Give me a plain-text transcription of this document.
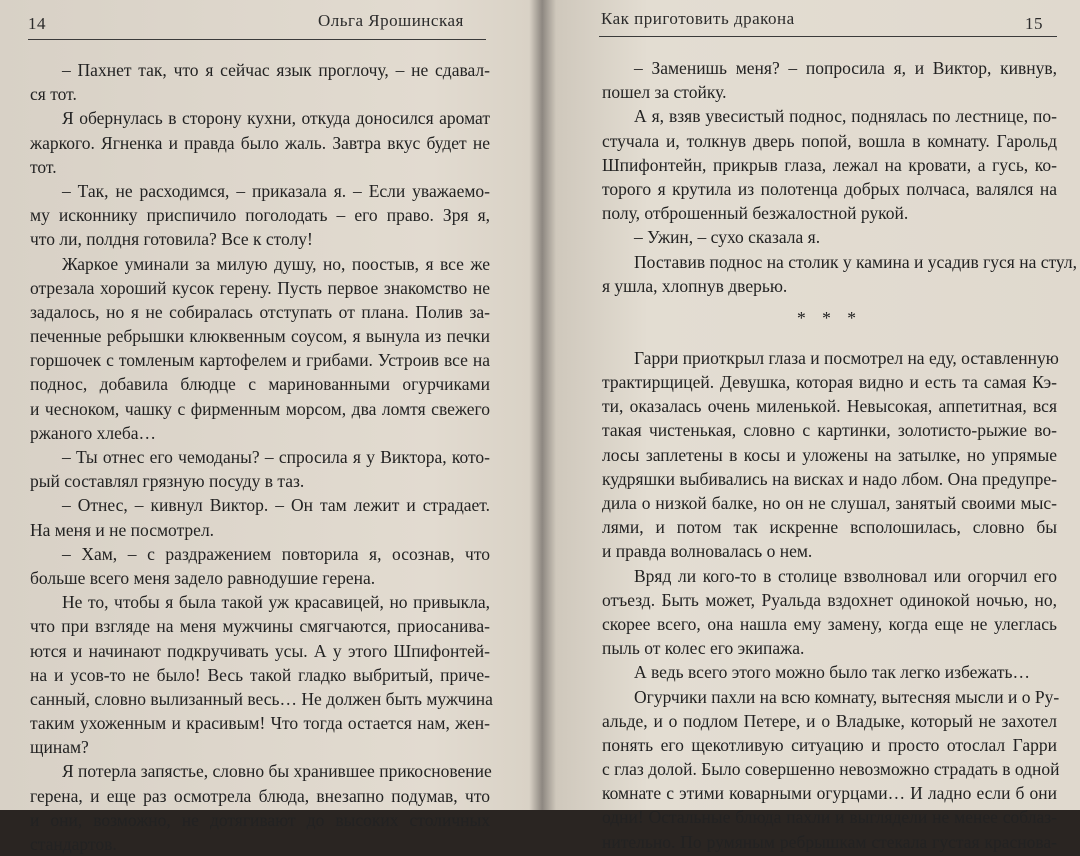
14	Ольга Ярошинская
– Пахнет так, что я сейчас язык проглочу, – не сдавал-
ся тот.
Я обернулась в сторону кухни, откуда доносился аромат
жаркого. Ягненка и правда было жаль. Завтра вкус будет не
тот.
– Так, не расходимся, – приказала я. – Если уважаемо-
му исконнику приспичило поголодать – его право. Зря я,
что ли, полдня готовила? Все к столу!
Жаркое уминали за милую душу, но, поостыв, я все же
отрезала хороший кусок герену. Пусть первое знакомство не
задалось, но я не собиралась отступать от плана. Полив за-
печенные ребрышки клюквенным соусом, я вынула из печки
горшочек с томленым картофелем и грибами. Устроив все на
поднос, добавила блюдце с маринованными огурчиками
и чесноком, чашку с фирменным морсом, два ломтя свежего
ржаного хлеба…
– Ты отнес его чемоданы? – спросила я у Виктора, кото-
рый составлял грязную посуду в таз.
– Отнес, – кивнул Виктор. – Он там лежит и страдает.
На меня и не посмотрел.
– Хам, – с раздражением повторила я, осознав, что
больше всего меня задело равнодушие герена.
Не то, чтобы я была такой уж красавицей, но привыкла,
что при взгляде на меня мужчины смягчаются, приосанива-
ются и начинают подкручивать усы. А у этого Шпифонтей-
на и усов-то не было! Весь такой гладко выбритый, приче-
санный, словно вылизанный весь… Не должен быть мужчина
таким ухоженным и красивым! Что тогда остается нам, жен-
щинам?
Я потерла запястье, словно бы хранившее прикосновение
герена, и еще раз осмотрела блюда, внезапно подумав, что
и они, возможно, не дотягивают до высоких столичных
стандартов.
Как приготовить дракона	15
– Заменишь меня? – попросила я, и Виктор, кивнув,
пошел за стойку.
А я, взяв увесистый поднос, поднялась по лестнице, по-
стучала и, толкнув дверь попой, вошла в комнату. Гарольд
Шпифонтейн, прикрыв глаза, лежал на кровати, а гусь, ко-
торого я крутила из полотенца добрых полчаса, валялся на
полу, отброшенный безжалостной рукой.
– Ужин, – сухо сказала я.
Поставив поднос на столик у камина и усадив гуся на стул,
я ушла, хлопнув дверью.
* * *
Гарри приоткрыл глаза и посмотрел на еду, оставленную
трактирщицей. Девушка, которая видно и есть та самая Кэ-
ти, оказалась очень миленькой. Невысокая, аппетитная, вся
такая чистенькая, словно с картинки, золотисто-рыжие во-
лосы заплетены в косы и уложены на затылке, но упрямые
кудряшки выбивались на висках и надо лбом. Она предупре-
дила о низкой балке, но он не слушал, занятый своими мыс-
лями, и потом так искренне всполошилась, словно бы
и правда волновалась о нем.
Вряд ли кого-то в столице взволновал или огорчил его
отъезд. Быть может, Руальда вздохнет одинокой ночью, но,
скорее всего, она нашла ему замену, когда еще не улеглась
пыль от колес его экипажа.
А ведь всего этого можно было так легко избежать…
Огурчики пахли на всю комнату, вытесняя мысли и о Ру-
альде, и о подлом Петере, и о Владыке, который не захотел
понять его щекотливую ситуацию и просто отослал Гарри
с глаз долой. Было совершенно невозможно страдать в одной
комнате с этими коварными огурцами… И ладно если б они
одни! Остальные блюда пахли и выглядели не менее соблаз-
нительно. По румяным ребрышкам стекала густая краснова-
